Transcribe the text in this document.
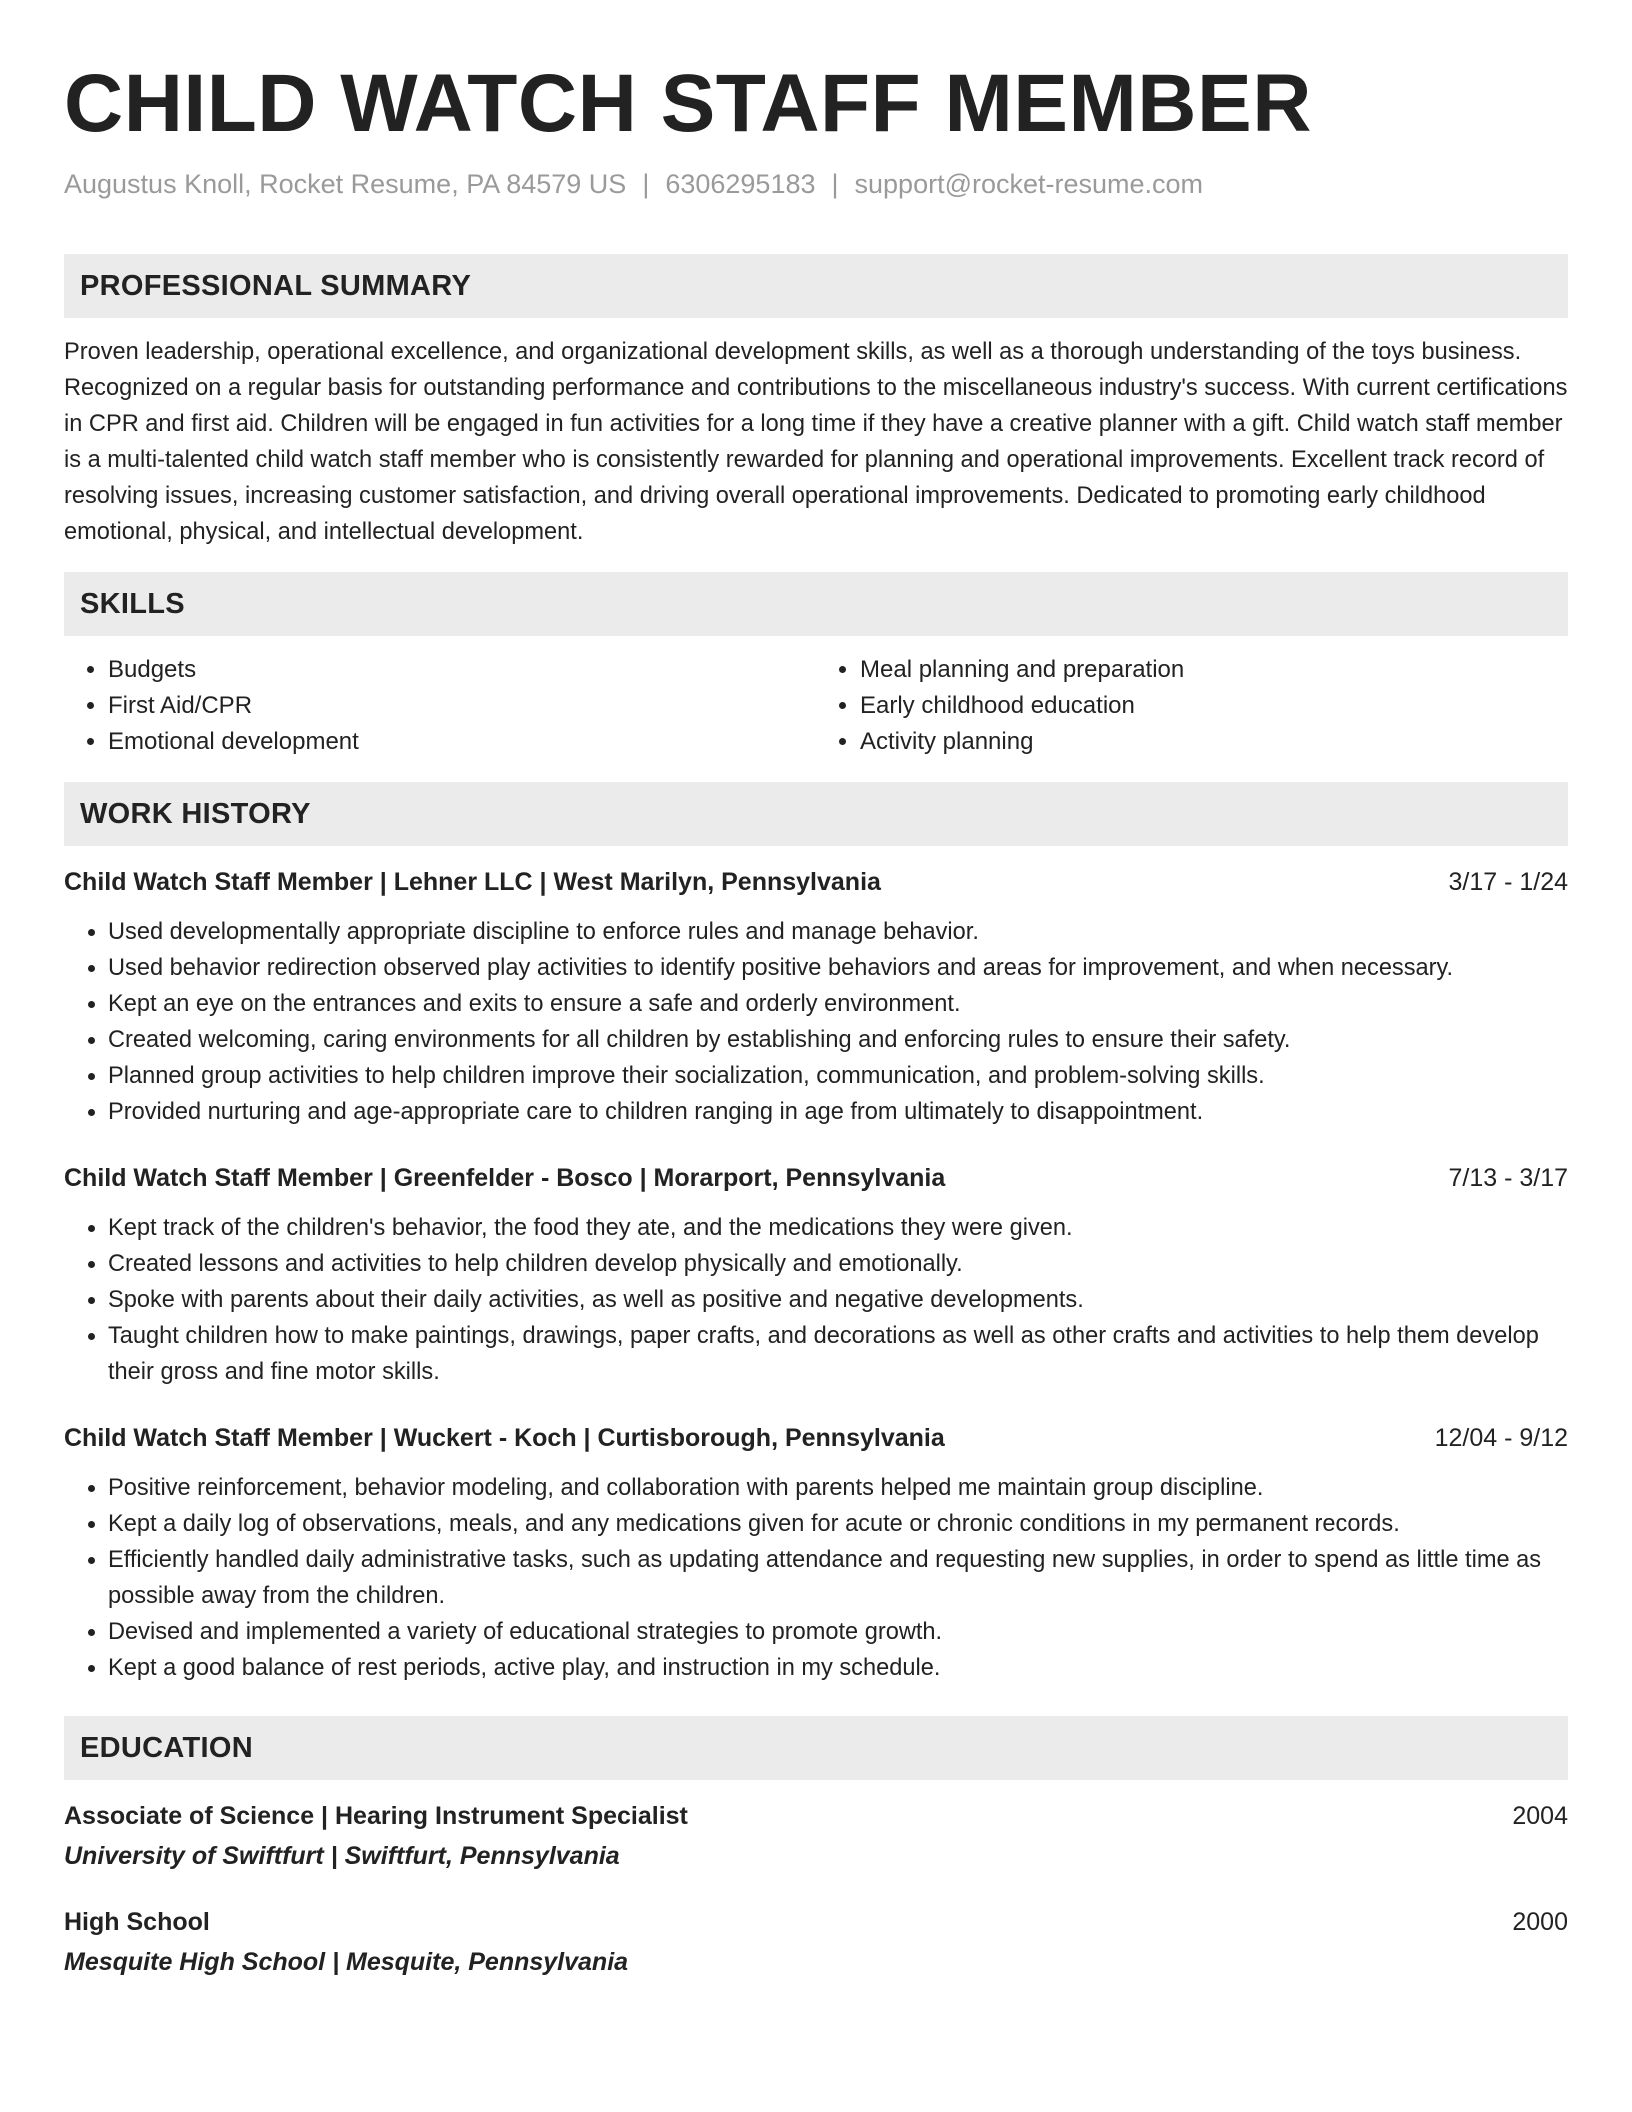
CHILD WATCH STAFF MEMBER
Augustus Knoll, Rocket Resume, PA 84579 US | 6306295183 | support@rocket-resume.com
PROFESSIONAL SUMMARY
Proven leadership, operational excellence, and organizational development skills, as well as a thorough understanding of the toys business. Recognized on a regular basis for outstanding performance and contributions to the miscellaneous industry's success. With current certifications in CPR and first aid. Children will be engaged in fun activities for a long time if they have a creative planner with a gift. Child watch staff member is a multi-talented child watch staff member who is consistently rewarded for planning and operational improvements. Excellent track record of resolving issues, increasing customer satisfaction, and driving overall operational improvements. Dedicated to promoting early childhood emotional, physical, and intellectual development.
SKILLS
• Budgets
• First Aid/CPR
• Emotional development
• Meal planning and preparation
• Early childhood education
• Activity planning
WORK HISTORY
Child Watch Staff Member | Lehner LLC | West Marilyn, Pennsylvania	3/17 - 1/24
• Used developmentally appropriate discipline to enforce rules and manage behavior.
• Used behavior redirection observed play activities to identify positive behaviors and areas for improvement, and when necessary.
• Kept an eye on the entrances and exits to ensure a safe and orderly environment.
• Created welcoming, caring environments for all children by establishing and enforcing rules to ensure their safety.
• Planned group activities to help children improve their socialization, communication, and problem-solving skills.
• Provided nurturing and age-appropriate care to children ranging in age from ultimately to disappointment.
Child Watch Staff Member | Greenfelder - Bosco | Morarport, Pennsylvania	7/13 - 3/17
• Kept track of the children's behavior, the food they ate, and the medications they were given.
• Created lessons and activities to help children develop physically and emotionally.
• Spoke with parents about their daily activities, as well as positive and negative developments.
• Taught children how to make paintings, drawings, paper crafts, and decorations as well as other crafts and activities to help them develop their gross and fine motor skills.
Child Watch Staff Member | Wuckert - Koch | Curtisborough, Pennsylvania	12/04 - 9/12
• Positive reinforcement, behavior modeling, and collaboration with parents helped me maintain group discipline.
• Kept a daily log of observations, meals, and any medications given for acute or chronic conditions in my permanent records.
• Efficiently handled daily administrative tasks, such as updating attendance and requesting new supplies, in order to spend as little time as possible away from the children.
• Devised and implemented a variety of educational strategies to promote growth.
• Kept a good balance of rest periods, active play, and instruction in my schedule.
EDUCATION
Associate of Science | Hearing Instrument Specialist	2004
University of Swiftfurt | Swiftfurt, Pennsylvania
High School	2000
Mesquite High School | Mesquite, Pennsylvania
